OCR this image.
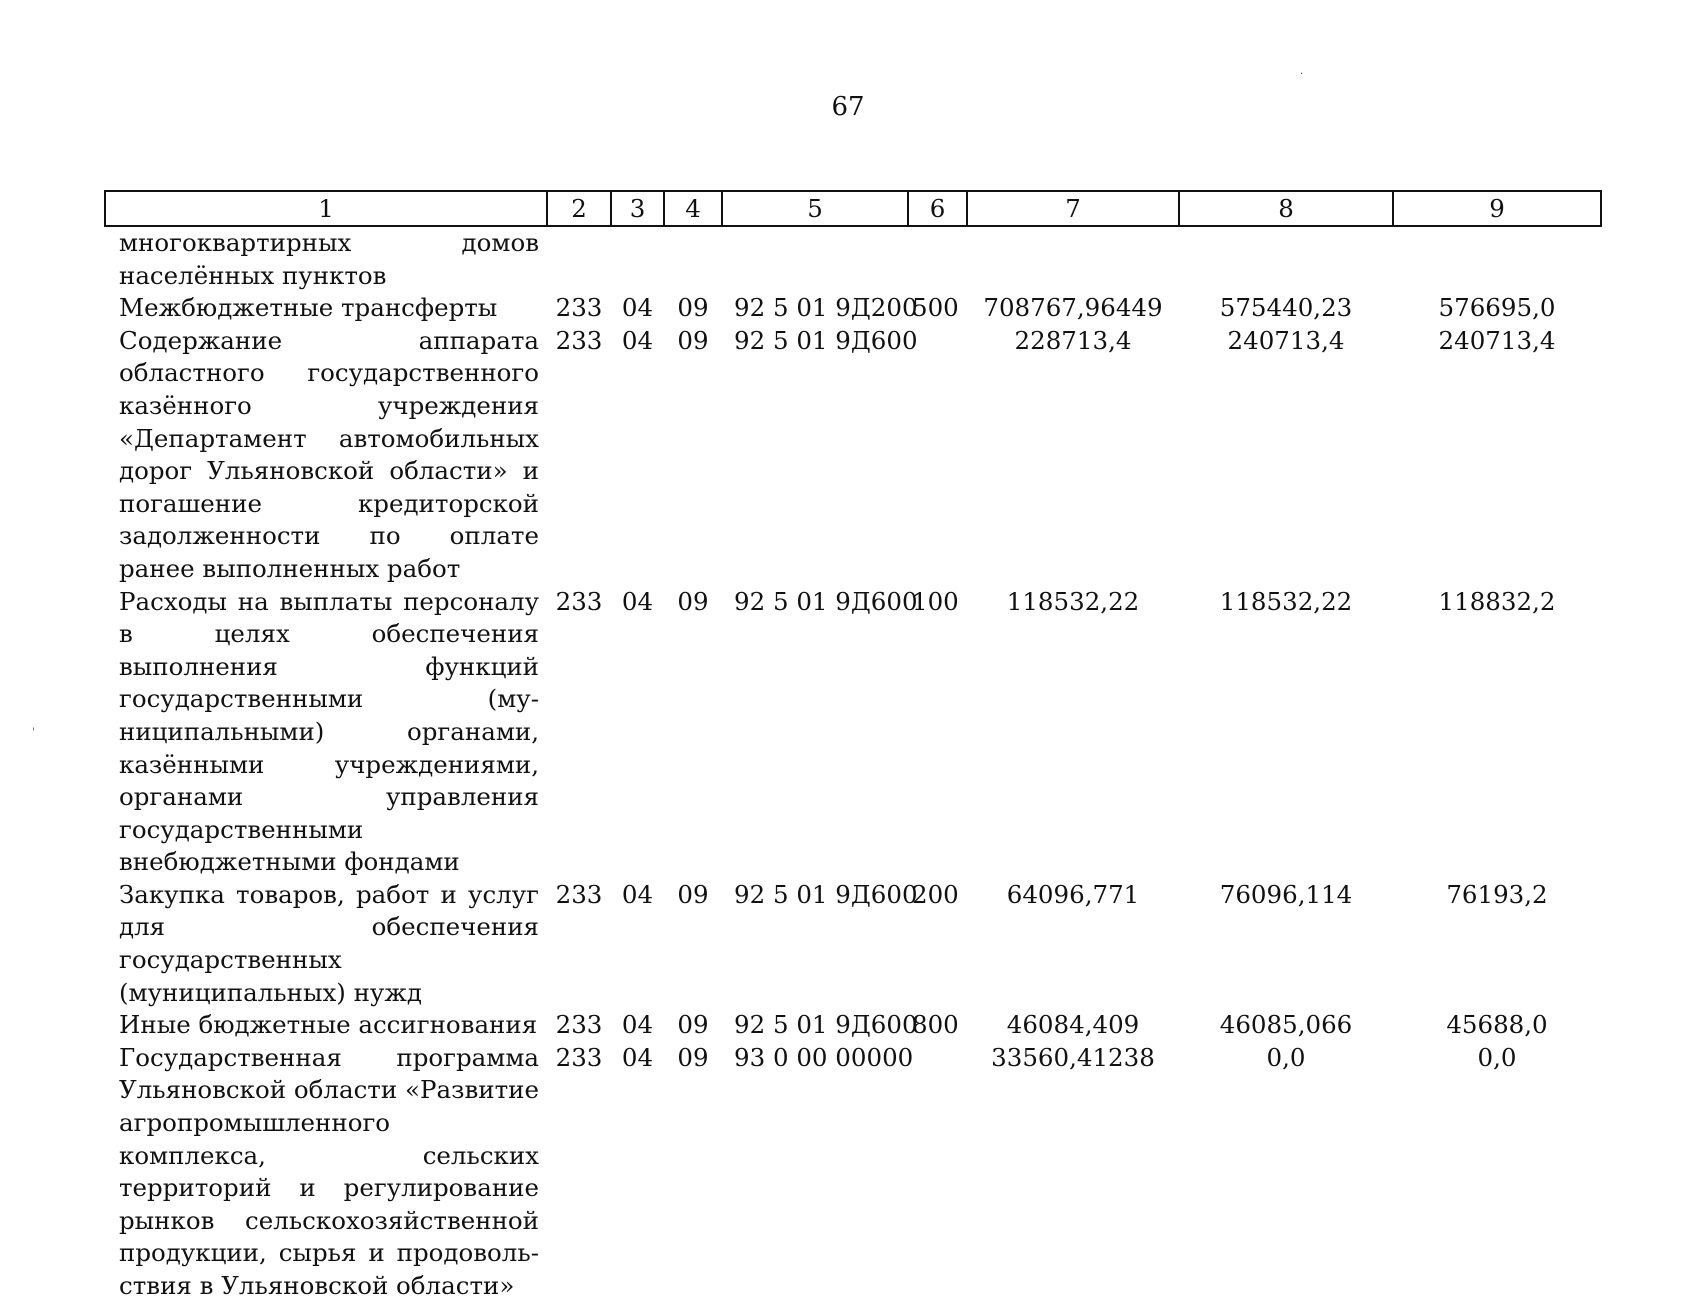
67
1	2	3	4	5	6	7	8	9
многоквартирных домов населённых пунктов								
Межбюджетные трансферты	233	04	09	92 5 01 9Д200	500	708767,96449	575440,23	576695,0
Содержание аппарата областного государственного казённого учреждения «Департамент автомобильных дорог Ульяновской области» и погашение кредиторской задолженности по оплате ранее выполненных работ	233	04	09	92 5 01 9Д600		228713,4	240713,4	240713,4
Расходы на выплаты персоналу в целях обеспечения выполнения функций государственными (муниципальными) органами, казёнными учреждениями, органами управления государственными внебюджетными фондами	233	04	09	92 5 01 9Д600	100	118532,22	118532,22	118832,2
Закупка товаров, работ и услуг для обеспечения государственных (муниципальных) нужд	233	04	09	92 5 01 9Д600	200	64096,771	76096,114	76193,2
Иные бюджетные ассигнования	233	04	09	92 5 01 9Д600	800	46084,409	46085,066	45688,0
Государственная программа Ульяновской области «Развитие агропромышленного комплекса, сельских территорий и регулирование рынков сельскохозяйственной продукции, сырья и продовольствия в Ульяновской области»	233	04	09	93 0 00 00000		33560,41238	0,0	0,0
·
'
